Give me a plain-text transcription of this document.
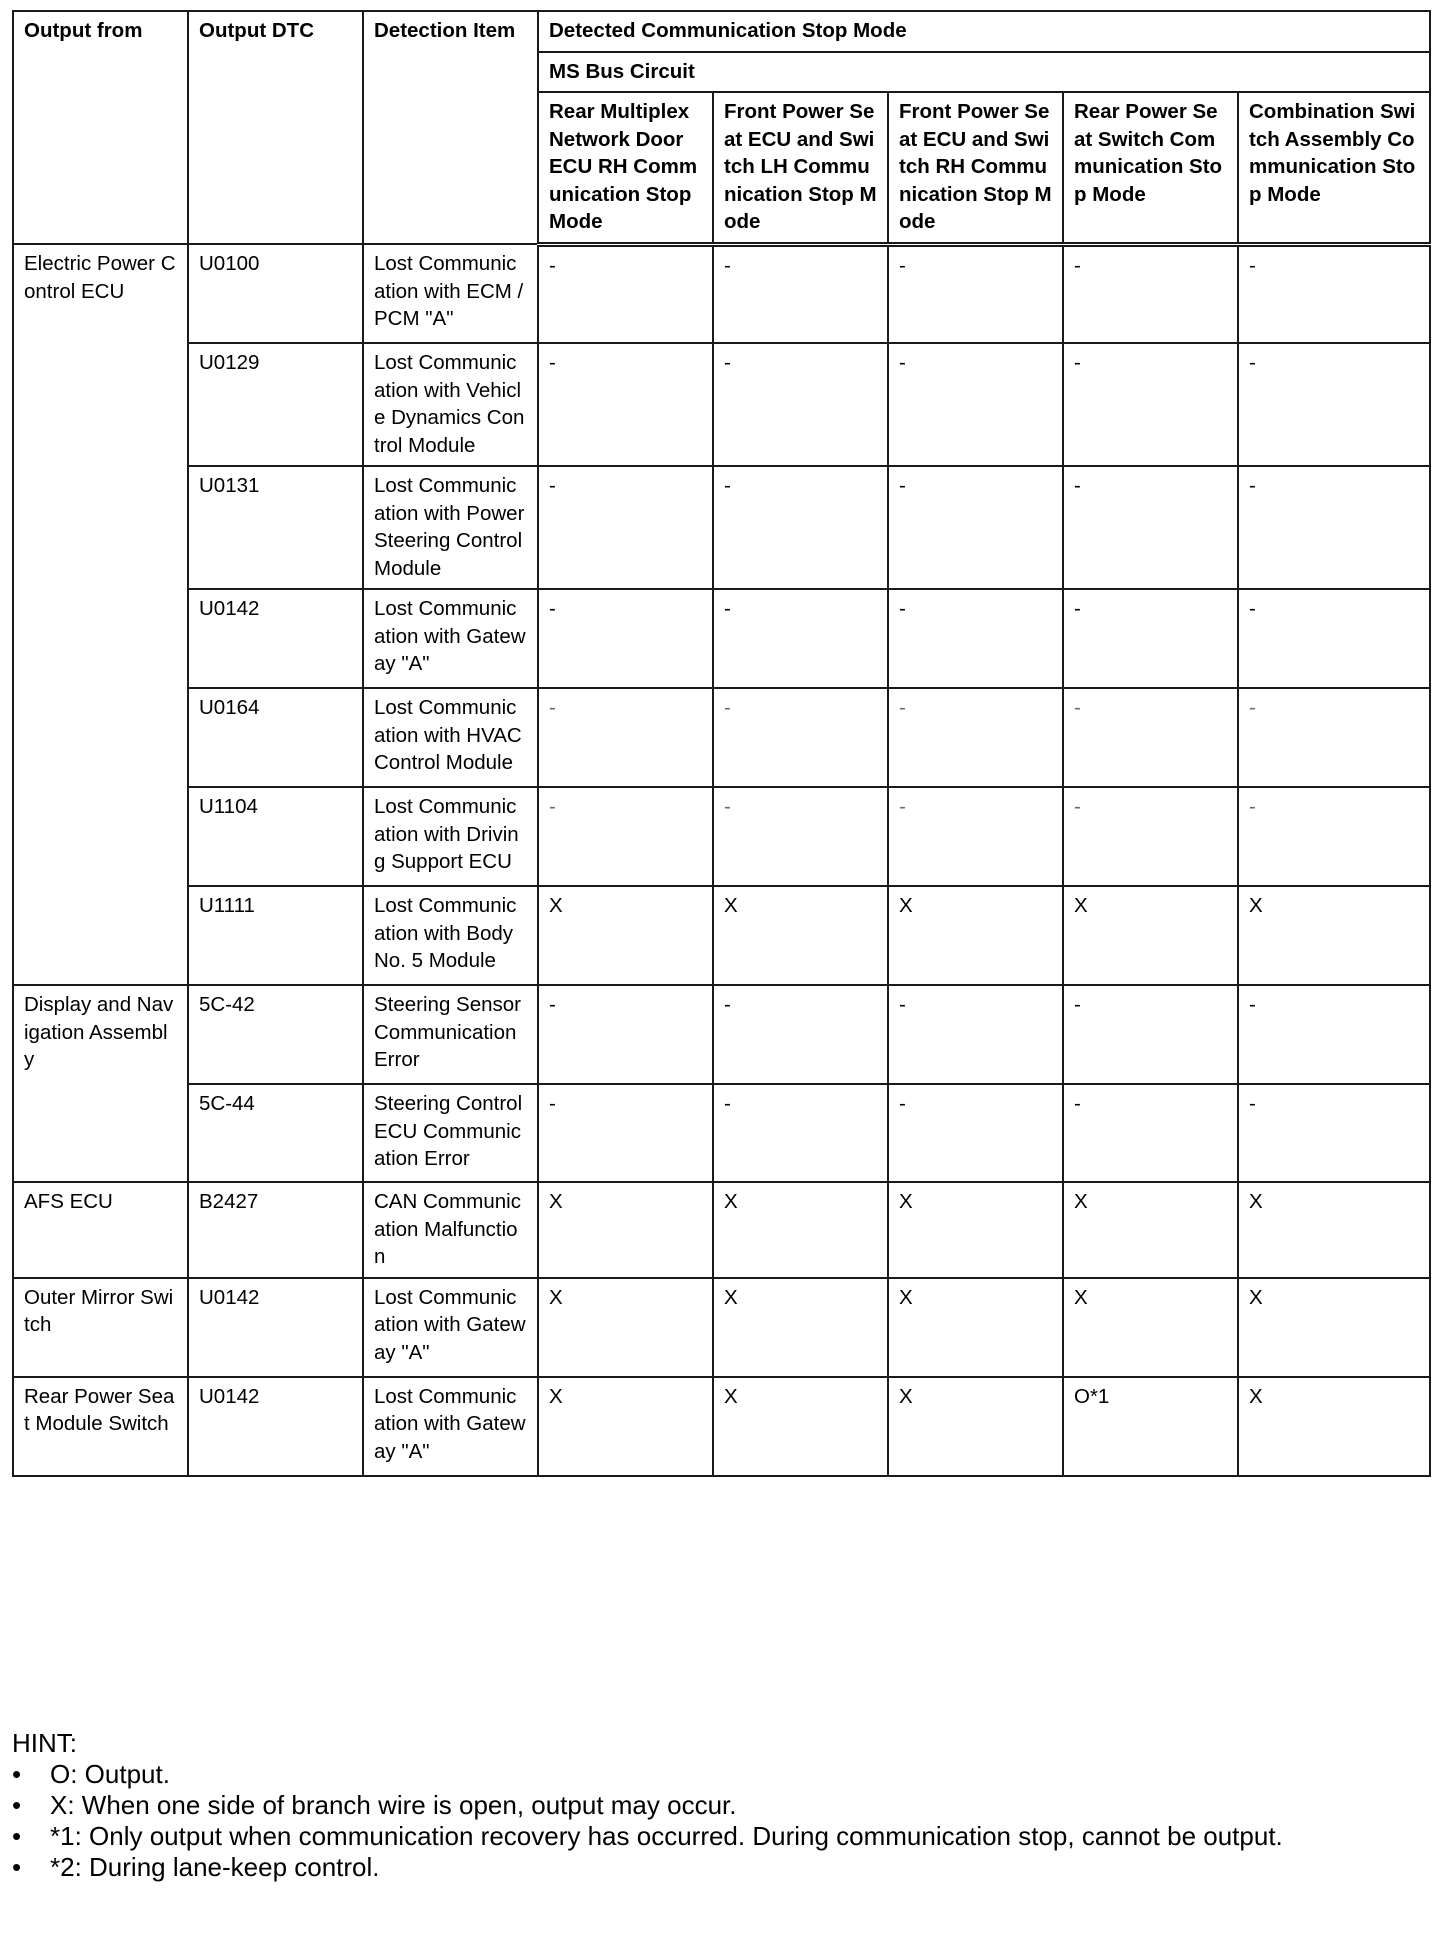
Output from	Output DTC	Detection Item	Detected Communication Stop Mode				
			MS Bus Circuit				
			Rear Multiplex Network Door ECU RH Communication Stop Mode	Front Power Seat ECU and Switch LH Communication Stop Mode	Front Power Seat ECU and Switch RH Communication Stop Mode	Rear Power Seat Switch Communication Stop Mode	Combination Switch Assembly Communication Stop Mode
Electric Power Control ECU	U0100	Lost Communication with ECM / PCM "A"	-	-	-	-	-
	U0129	Lost Communication with Vehicle Dynamics Control Module	-	-	-	-	-
	U0131	Lost Communication with Power Steering Control Module	-	-	-	-	-
	U0142	Lost Communication with Gateway "A"	-	-	-	-	-
	U0164	Lost Communication with HVAC Control Module	-	-	-	-	-
	U1104	Lost Communication with Driving Support ECU	-	-	-	-	-
	U1111	Lost Communication with Body No. 5 Module	X	X	X	X	X
Display and Navigation Assembly	5C-42	Steering Sensor Communication Error	-	-	-	-	-
	5C-44	Steering Control ECU Communication Error	-	-	-	-	-
AFS ECU	B2427	CAN Communication Malfunction	X	X	X	X	X
Outer Mirror Switch	U0142	Lost Communication with Gateway "A"	X	X	X	X	X
Rear Power Seat Module Switch	U0142	Lost Communication with Gateway "A"	X	X	X	O*1	X
HINT:
•	O: Output.
•	X: When one side of branch wire is open, output may occur.
•	*1: Only output when communication recovery has occurred. During communication stop, cannot be output.
•	*2: During lane-keep control.
